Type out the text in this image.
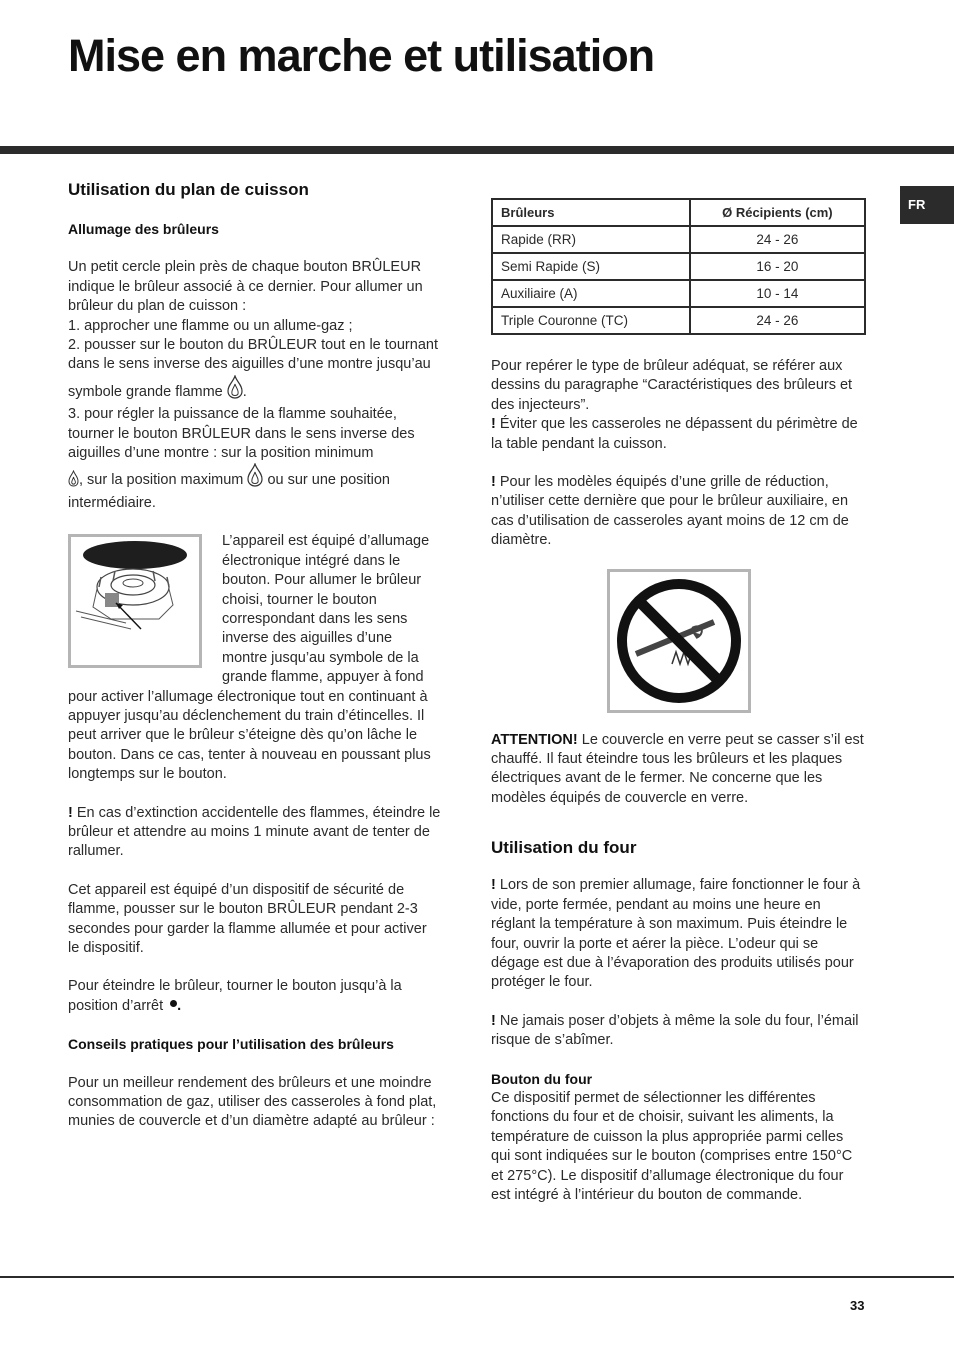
Mise en marche et utilisation
FR
Utilisation du plan de cuisson

Allumage des brûleurs

Un petit cercle plein près de chaque bouton BRÛLEUR indique le brûleur associé à ce dernier. Pour allumer un brûleur du plan de cuisson :
1. approcher une flamme ou un allume-gaz ;
2. pousser sur le bouton du BRÛLEUR tout en le tournant dans le sens inverse des aiguilles d’une montre jusqu’au symbole grande flamme .
3. pour régler la puissance de la flamme souhaitée, tourner le bouton BRÛLEUR dans le sens inverse des aiguilles d’une montre : sur la position minimum
, sur la position maximum ou sur une position intermédiaire.

L’appareil est équipé d’allumage électronique intégré dans le bouton. Pour allumer le brûleur choisi, tourner le bouton correspondant dans les sens inverse des aiguilles d’une montre jusqu’au symbole de la grande flamme, appuyer à fond pour activer l’allumage électronique tout en continuant à appuyer jusqu’au déclenchement du train d’étincelles. Il peut arriver que le brûleur s’éteigne dès qu’on lâche le bouton. Dans ce cas, tenter à nouveau en poussant plus longtemps sur le bouton.

! En cas d’extinction accidentelle des flammes, éteindre le brûleur et attendre au moins 1 minute avant de tenter de rallumer.

Cet appareil est équipé d’un dispositif de sécurité de flamme, pousser sur le bouton BRÛLEUR pendant 2-3 secondes pour garder la flamme allumée et pour activer le dispositif.

Pour éteindre le brûleur, tourner le bouton jusqu’à la position d’arrêt .

Conseils pratiques pour l’utilisation des brûleurs

Pour un meilleur rendement des brûleurs et une moindre consommation de gaz, utiliser des casseroles à fond plat, munies de couvercle et d’un diamètre adapté au brûleur :

Brûleurs	Ø Récipients (cm)
Rapide (RR)	24 - 26
Semi Rapide (S)	16 - 20
Auxiliaire (A)	10 - 14
Triple Couronne (TC)	24 - 26

Pour repérer le type de brûleur adéquat, se référer aux dessins du paragraphe “Caractéristiques des brûleurs et des injecteurs”.

! Éviter que les casseroles ne dépassent du périmètre de la table pendant la cuisson.

! Pour les modèles équipés d’une grille de réduction, n’utiliser cette dernière que pour le brûleur auxiliaire, en cas d’utilisation de casseroles ayant moins de 12 cm de diamètre.

ATTENTION! Le couvercle en verre peut se casser s’il est chauffé. Il faut éteindre tous les brûleurs et les plaques électriques avant de le fermer. Ne concerne que les modèles équipés de couvercle en verre.

Utilisation du four

! Lors de son premier allumage, faire fonctionner le four à vide, porte fermée, pendant au moins une heure en réglant la température à son maximum. Puis éteindre le four, ouvrir la porte et aérer la pièce. L’odeur qui se dégage est due à l’évaporation des produits utilisés pour protéger le four.

! Ne jamais poser d’objets à même la sole du four, l’émail risque de s’abîmer.

Bouton du four

Ce dispositif permet de sélectionner les différentes fonctions du four et de choisir, suivant les aliments, la température de cuisson la plus appropriée parmi celles qui sont indiquées sur le bouton (comprises entre 150°C et 275°C). Le dispositif d’allumage électronique du four est intégré à l’intérieur du bouton de commande.

33
